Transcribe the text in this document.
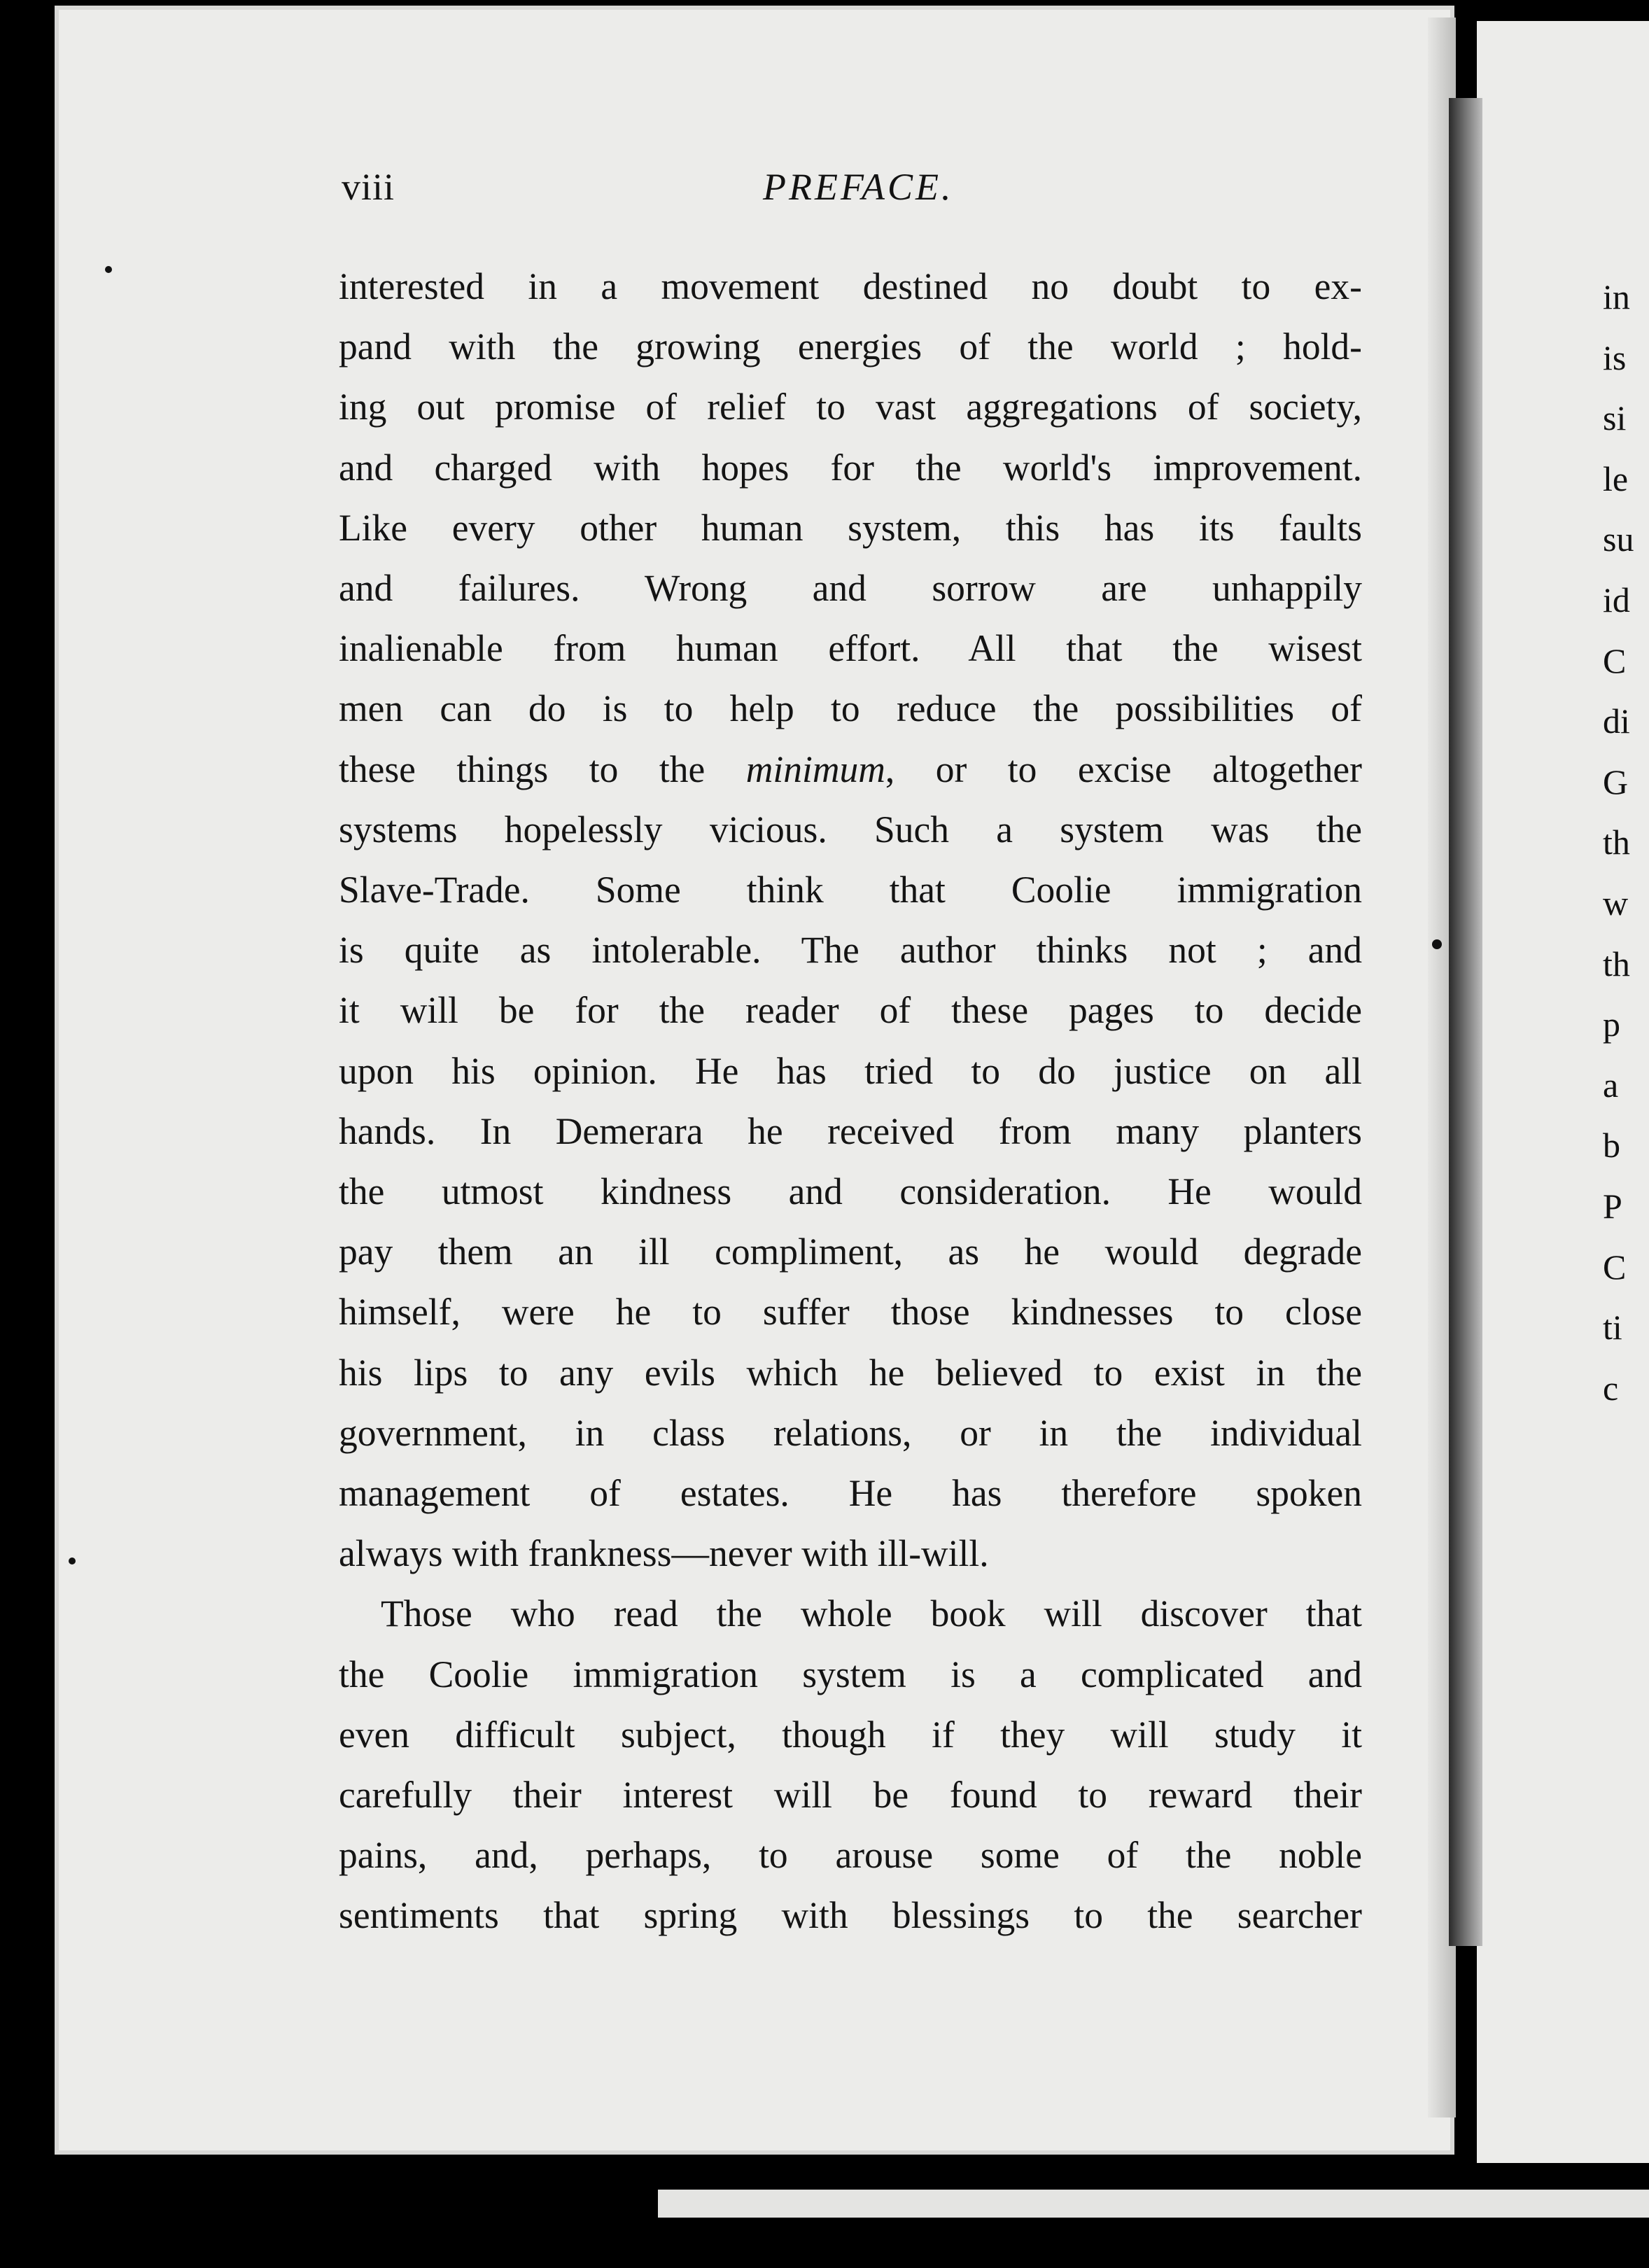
in
is
si
le
su
id
C
di
G
th
w
th
p
a
b
P
C
ti
c
viii	PREFACE.
interested in a movement destined no doubt to ex-
pand with the growing energies of the world ; hold-
ing out promise of relief to vast aggregations of society,
and charged with hopes for the world's improvement.
Like every other human system, this has its faults
and failures. Wrong and sorrow are unhappily
inalienable from human effort. All that the wisest
men can do is to help to reduce the possibilities of
these things to the minimum, or to excise altogether
systems hopelessly vicious. Such a system was the
Slave-Trade. Some think that Coolie immigration
is quite as intolerable. The author thinks not ; and
it will be for the reader of these pages to decide
upon his opinion. He has tried to do justice on all
hands. In Demerara he received from many planters
the utmost kindness and consideration. He would
pay them an ill compliment, as he would degrade
himself, were he to suffer those kindnesses to close
his lips to any evils which he believed to exist in the
government, in class relations, or in the individual
management of estates. He has therefore spoken
always with frankness—never with ill-will.
Those who read the whole book will discover that
the Coolie immigration system is a complicated and
even difficult subject, though if they will study it
carefully their interest will be found to reward their
pains, and, perhaps, to arouse some of the noble
sentiments that spring with blessings to the searcher
